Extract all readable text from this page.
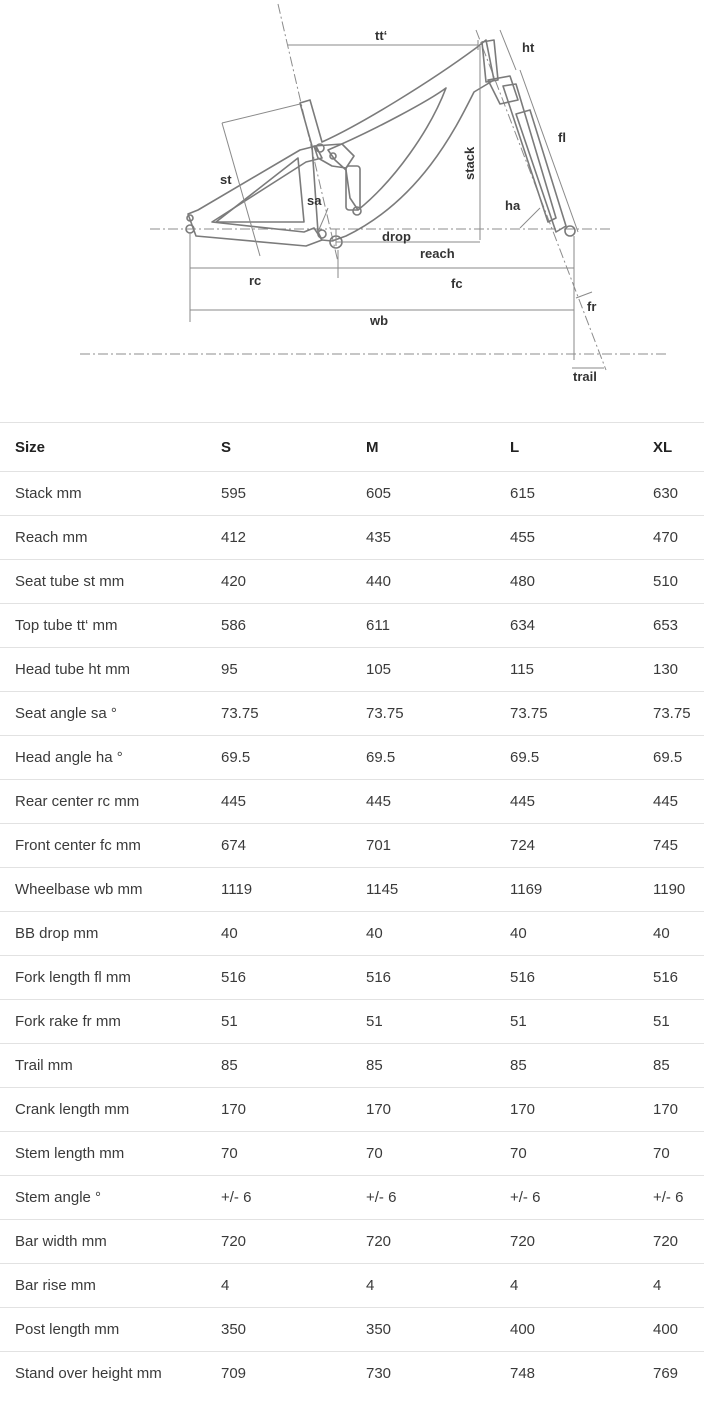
tt‘
ht
stack
fl
st
sa	ha
drop
reach
rc	fc
fr
wb
trail
Size	S	M	L	XL
Stack mm	595	605	615	630
Reach mm	412	435	455	470
Seat tube st mm	420	440	480	510
Top tube tt‘ mm	586	611	634	653
Head tube ht mm	95	105	115	130
Seat angle sa °	73.75	73.75	73.75	73.75
Head angle ha °	69.5	69.5	69.5	69.5
Rear center rc mm	445	445	445	445
Front center fc mm	674	701	724	745
Wheelbase wb mm	1119	1145	1169	1190
BB drop mm	40	40	40	40
Fork length fl mm	516	516	516	516
Fork rake fr mm	51	51	51	51
Trail mm	85	85	85	85
Crank length mm	170	170	170	170
Stem length mm	70	70	70	70
Stem angle °	+/- 6	+/- 6	+/- 6	+/- 6
Bar width mm	720	720	720	720
Bar rise mm	4	4	4	4
Post length mm	350	350	400	400
Stand over height mm	709	730	748	769
